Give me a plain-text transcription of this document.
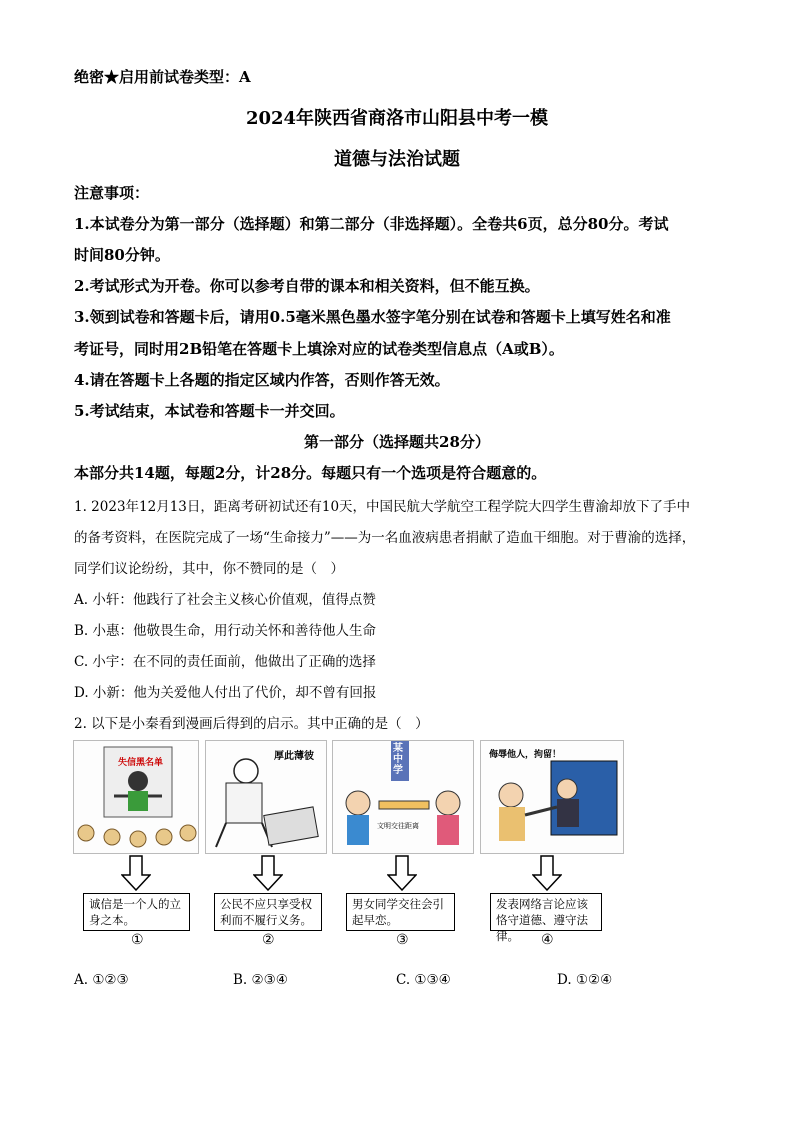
绝密★启用前试卷类型：A
2024年陕西省商洛市山阳县中考一模
道德与法治试题
注意事项：
1.本试卷分为第一部分（选择题）和第二部分（非选择题）。全卷共6页，总分80分。考试
时间80分钟。
2.考试形式为开卷。你可以参考自带的课本和相关资料，但不能互换。
3.领到试卷和答题卡后，请用0.5毫米黑色墨水签字笔分别在试卷和答题卡上填写姓名和准
考证号，同时用2B铅笔在答题卡上填涂对应的试卷类型信息点（A或B）。
4.请在答题卡上各题的指定区域内作答，否则作答无效。
5.考试结束，本试卷和答题卡一并交回。
第一部分（选择题共28分）
本部分共14题，每题2分，计28分。每题只有一个选项是符合题意的。
1. 2023年12月13日，距离考研初试还有10天，中国民航大学航空工程学院大四学生曹渝却放下了手中
的备考资料，在医院完成了一场“生命接力”——为一名血液病患者捐献了造血干细胞。对于曹渝的选择，
同学们议论纷纷，其中，你不赞同的是（　）
A. 小轩：他践行了社会主义核心价值观，值得点赞
B. 小惠：他敬畏生命，用行动关怀和善待他人生命
C. 小宇：在不同的责任面前，他做出了正确的选择
D. 小新：他为关爱他人付出了代价，却不曾有回报
2. 以下是小秦看到漫画后得到的启示。其中正确的是（　）
失信黑名单
厚此薄彼
某中学
文明交往距离
侮辱他人，拘留！
诚信是一个人的立身之本。
公民不应只享受权利而不履行义务。
男女同学交往会引起早恋。
发表网络言论应该恪守道德、遵守法律。
①	②	③	④
A. ①②③	B. ②③④	C. ①③④	D. ①②④
